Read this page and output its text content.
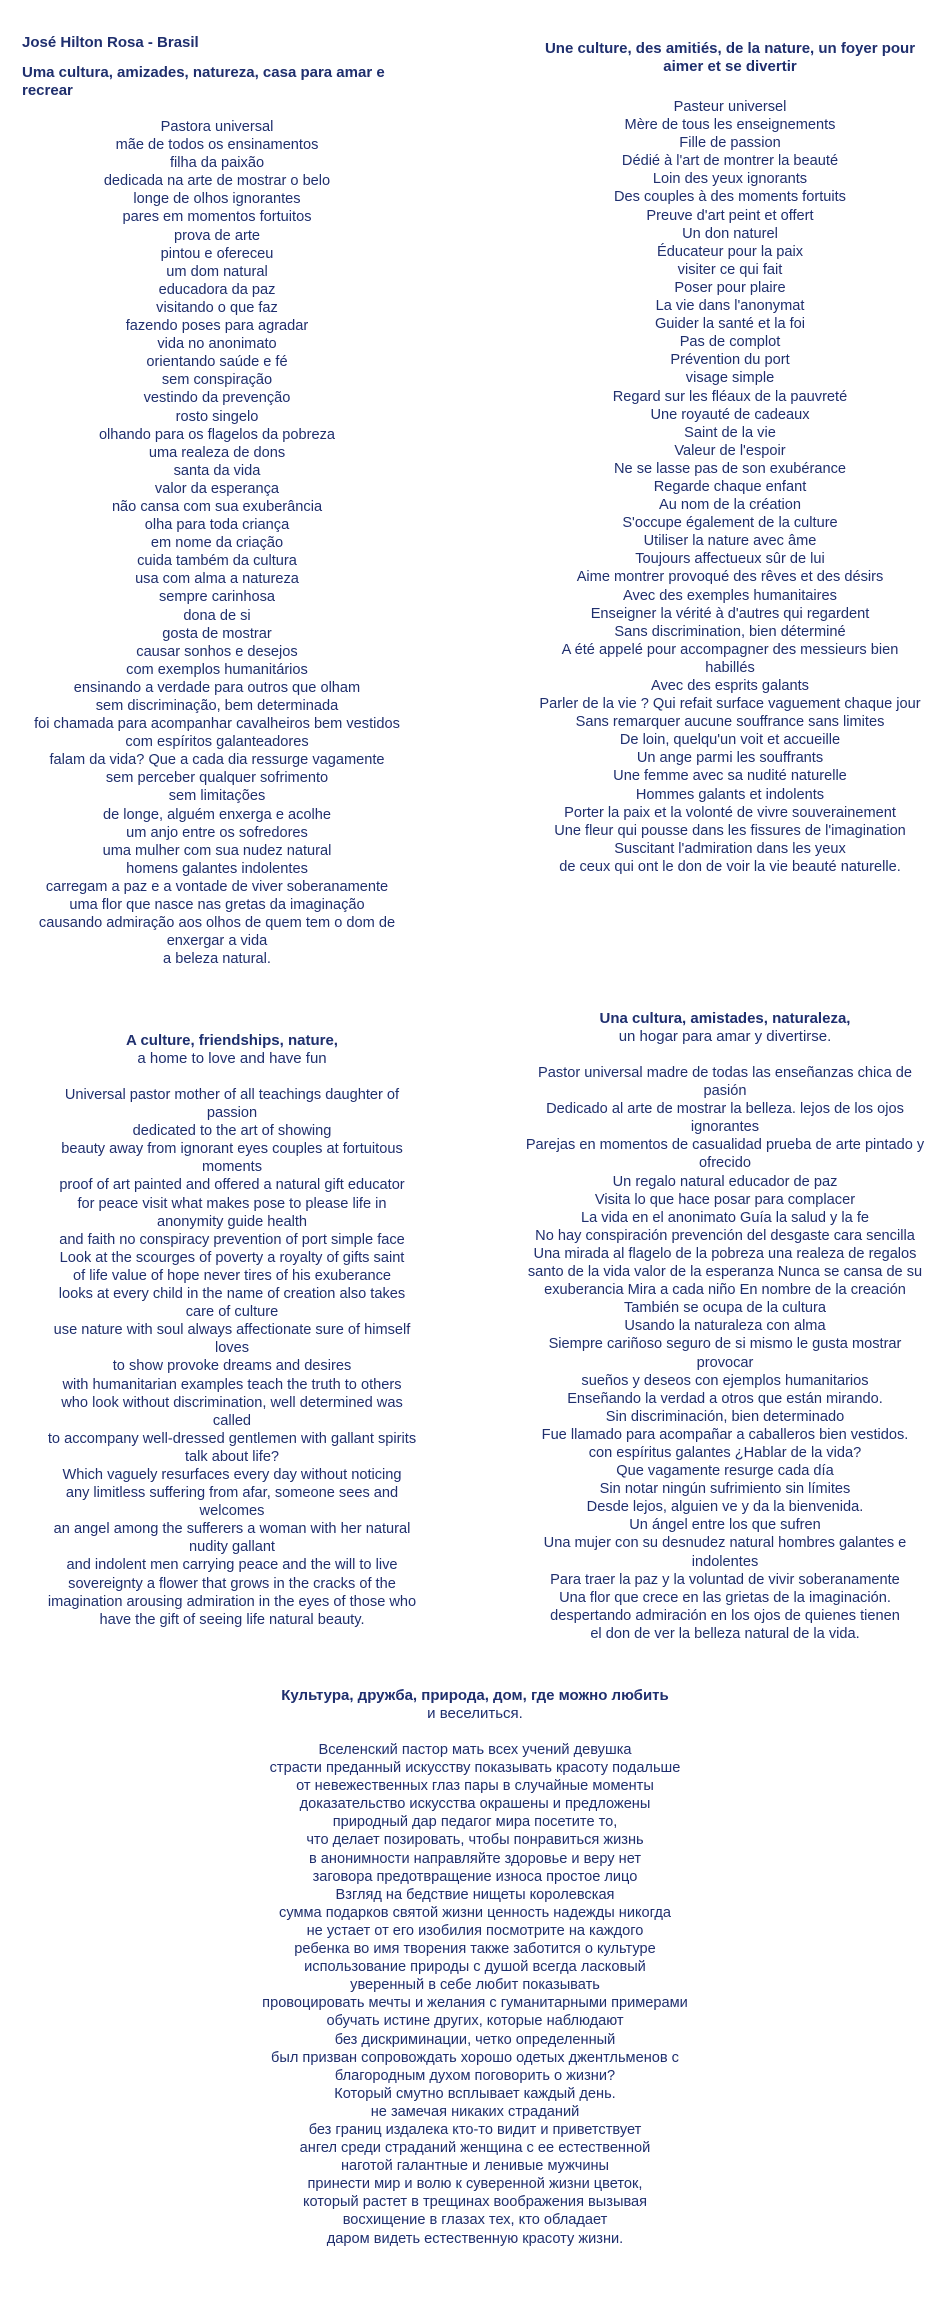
José Hilton Rosa - Brasil
Uma cultura, amizades, natureza, casa para amar e recrear
Pastora universal
mãe de todos os ensinamentos
filha da paixão
dedicada na arte de mostrar o belo
longe de olhos ignorantes
pares em momentos fortuitos
prova de arte
pintou e ofereceu
um dom natural
educadora da paz
visitando o que faz
fazendo poses para agradar
vida no anonimato
orientando saúde e fé
sem conspiração
vestindo da prevenção
rosto singelo
olhando para os flagelos da pobreza
uma realeza de dons
santa da vida
valor da esperança
não cansa com sua exuberância
olha para toda criança
em nome da criação
cuida também da cultura
usa com alma a natureza
sempre carinhosa
dona de si
gosta de mostrar
causar sonhos e desejos
com exemplos humanitários
ensinando a verdade para outros que olham
sem discriminação, bem determinada
foi chamada para acompanhar cavalheiros bem vestidos
com espíritos galanteadores
falam da vida? Que a cada dia ressurge vagamente
sem perceber qualquer sofrimento
sem limitações
de longe, alguém enxerga e acolhe
um anjo entre os sofredores
uma mulher com sua nudez natural
homens galantes indolentes
carregam a paz e a vontade de viver soberanamente
uma flor que nasce nas gretas da imaginação
causando admiração aos olhos de quem tem o dom de
enxergar a vida
a beleza natural.
Une culture, des amitiés, de la nature, un foyer pour
aimer et se divertir
Pasteur universel
Mère de tous les enseignements
Fille de passion
Dédié à l'art de montrer la beauté
Loin des yeux ignorants
Des couples à des moments fortuits
Preuve d'art peint et offert
Un don naturel
Éducateur pour la paix
visiter ce qui fait
Poser pour plaire
La vie dans l'anonymat
Guider la santé et la foi
Pas de complot
Prévention du port
visage simple
Regard sur les fléaux de la pauvreté
Une royauté de cadeaux
Saint de la vie
Valeur de l'espoir
Ne se lasse pas de son exubérance
Regarde chaque enfant
Au nom de la création
S'occupe également de la culture
Utiliser la nature avec âme
Toujours affectueux sûr de lui
Aime montrer provoqué des rêves et des désirs
Avec des exemples humanitaires
Enseigner la vérité à d'autres qui regardent
Sans discrimination, bien déterminé
A été appelé pour accompagner des messieurs bien
habillés
Avec des esprits galants
Parler de la vie ? Qui refait surface vaguement chaque jour
Sans remarquer aucune souffrance sans limites
De loin, quelqu'un voit et accueille
Un ange parmi les souffrants
Une femme avec sa nudité naturelle
Hommes galants et indolents
Porter la paix et la volonté de vivre souverainement
Une fleur qui pousse dans les fissures de l'imagination
Suscitant l'admiration dans les yeux
de ceux qui ont le don de voir la vie beauté naturelle.
A culture, friendships, nature,
a home to love and have fun
Universal pastor mother of all teachings daughter of
passion
dedicated to the art of showing
beauty away from ignorant eyes couples at fortuitous
moments
proof of art painted and offered a natural gift educator
for peace visit what makes pose to please life in
anonymity guide health
and faith no conspiracy prevention of port simple face
Look at the scourges of poverty a royalty of gifts saint
of life value of hope never tires of his exuberance
looks at every child in the name of creation also takes
care of culture
use nature with soul always affectionate sure of himself
loves
to show provoke dreams and desires
with humanitarian examples teach the truth to others
who look without discrimination, well determined was
called
to accompany well-dressed gentlemen with gallant spirits
talk about life?
Which vaguely resurfaces every day without noticing
any limitless suffering from afar, someone sees and
welcomes
an angel among the sufferers a woman with her natural
nudity gallant
and indolent men carrying peace and the will to live
sovereignty a flower that grows in the cracks of the
imagination arousing admiration in the eyes of those who
have the gift of seeing life natural beauty.
Una cultura, amistades, naturaleza,
un hogar para amar y divertirse.
Pastor universal madre de todas las enseñanzas chica de
pasión
Dedicado al arte de mostrar la belleza. lejos de los ojos
ignorantes
Parejas en momentos de casualidad prueba de arte pintado y
ofrecido
Un regalo natural educador de paz
Visita lo que hace posar para complacer
La vida en el anonimato Guía la salud y la fe
No hay conspiración prevención del desgaste cara sencilla
Una mirada al flagelo de la pobreza una realeza de regalos
santo de la vida valor de la esperanza Nunca se cansa de su
exuberancia Mira a cada niño En nombre de la creación
También se ocupa de la cultura
Usando la naturaleza con alma
Siempre cariñoso seguro de si mismo le gusta mostrar
provocar
sueños y deseos con ejemplos humanitarios
Enseñando la verdad a otros que están mirando.
Sin discriminación, bien determinado
Fue llamado para acompañar a caballeros bien vestidos.
con espíritus galantes ¿Hablar de la vida?
Que vagamente resurge cada día
Sin notar ningún sufrimiento sin límites
Desde lejos, alguien ve y da la bienvenida.
Un ángel entre los que sufren
Una mujer con su desnudez natural hombres galantes e
indolentes
Para traer la paz y la voluntad de vivir soberanamente
Una flor que crece en las grietas de la imaginación.
despertando admiración en los ojos de quienes tienen
el don de ver la belleza natural de la vida.
Культура, дружба, природа, дом, где можно любить
и веселиться.
Вселенский пастор мать всех учений девушка
страсти преданный искусству показывать красоту подальше
от невежественных глаз пары в случайные моменты
доказательство искусства окрашены и предложены
природный дар педагог мира посетите то,
что делает позировать, чтобы понравиться жизнь
в анонимности направляйте здоровье и веру нет
заговора предотвращение износа простое лицо
Взгляд на бедствие нищеты королевская
сумма подарков святой жизни ценность надежды никогда
не устает от его изобилия посмотрите на каждого
ребенка во имя творения также заботится о культуре
использование природы с душой всегда ласковый
уверенный в себе любит показывать
провоцировать мечты и желания с гуманитарными примерами
обучать истине других, которые наблюдают
без дискриминации, четко определенный
был призван сопровождать хорошо одетых джентльменов с
благородным духом поговорить о жизни?
Который смутно всплывает каждый день.
не замечая никаких страданий
без границ издалека кто-то видит и приветствует
ангел среди страданий женщина с ее естественной
наготой галантные и ленивые мужчины
принести мир и волю к суверенной жизни цветок,
который растет в трещинах воображения вызывая
восхищение в глазах тех, кто обладает
даром видеть естественную красоту жизни.
